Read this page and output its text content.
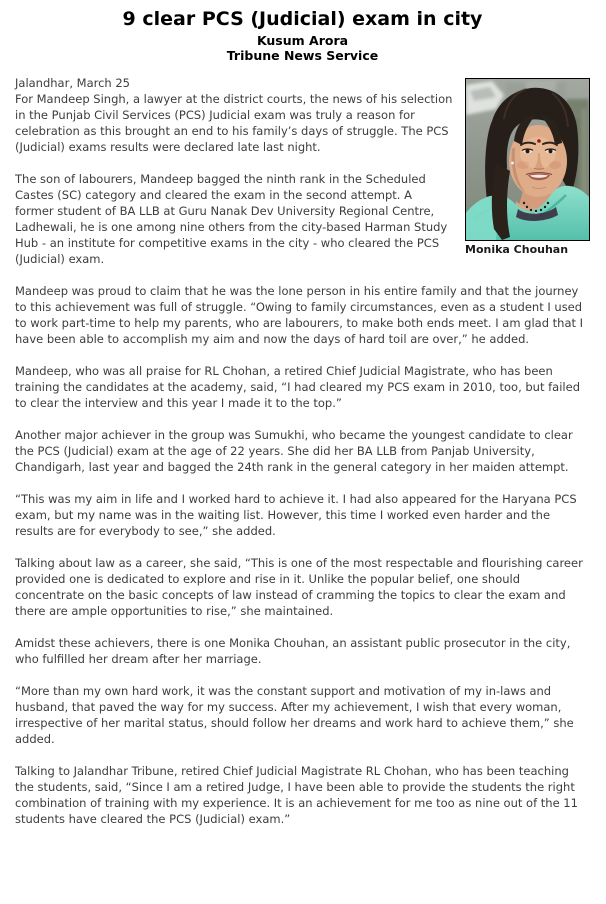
9 clear PCS (Judicial) exam in city
Kusum Arora
Tribune News Service
Monika Chouhan

Jalandhar, March 25

For Mandeep Singh, a lawyer at the district courts, the news of his selection in the Punjab Civil Services (PCS) Judicial exam was truly a reason for celebration as this brought an end to his family’s days of struggle. The PCS (Judicial) exams results were declared late last night.

The son of labourers, Mandeep bagged the ninth rank in the Scheduled Castes (SC) category and cleared the exam in the second attempt. A former student of BA LLB at Guru Nanak Dev University Regional Centre, Ladhewali, he is one among nine others from the city-based Harman Study Hub - an institute for competitive exams in the city - who cleared the PCS (Judicial) exam.

Mandeep was proud to claim that he was the lone person in his entire family and that the journey to this achievement was full of struggle. “Owing to family circumstances, even as a student I used to work part-time to help my parents, who are labourers, to make both ends meet. I am glad that I have been able to accomplish my aim and now the days of hard toil are over,” he added.

Mandeep, who was all praise for RL Chohan, a retired Chief Judicial Magistrate, who has been training the candidates at the academy, said, “I had cleared my PCS exam in 2010, too, but failed to clear the interview and this year I made it to the top.”

Another major achiever in the group was Sumukhi, who became the youngest candidate to clear the PCS (Judicial) exam at the age of 22 years. She did her BA LLB from Panjab University, Chandigarh, last year and bagged the 24th rank in the general category in her maiden attempt.

“This was my aim in life and I worked hard to achieve it. I had also appeared for the Haryana PCS exam, but my name was in the waiting list. However, this time I worked even harder and the results are for everybody to see,” she added.

Talking about law as a career, she said, “This is one of the most respectable and flourishing career provided one is dedicated to explore and rise in it. Unlike the popular belief, one should concentrate on the basic concepts of law instead of cramming the topics to clear the exam and there are ample opportunities to rise,” she maintained.

Amidst these achievers, there is one Monika Chouhan, an assistant public prosecutor in the city, who fulfilled her dream after her marriage.

“More than my own hard work, it was the constant support and motivation of my in-laws and husband, that paved the way for my success. After my achievement, I wish that every woman, irrespective of her marital status, should follow her dreams and work hard to achieve them,” she added.

Talking to Jalandhar Tribune, retired Chief Judicial Magistrate RL Chohan, who has been teaching the students, said, “Since I am a retired Judge, I have been able to provide the students the right combination of training with my experience. It is an achievement for me too as nine out of the 11 students have cleared the PCS (Judicial) exam.”
